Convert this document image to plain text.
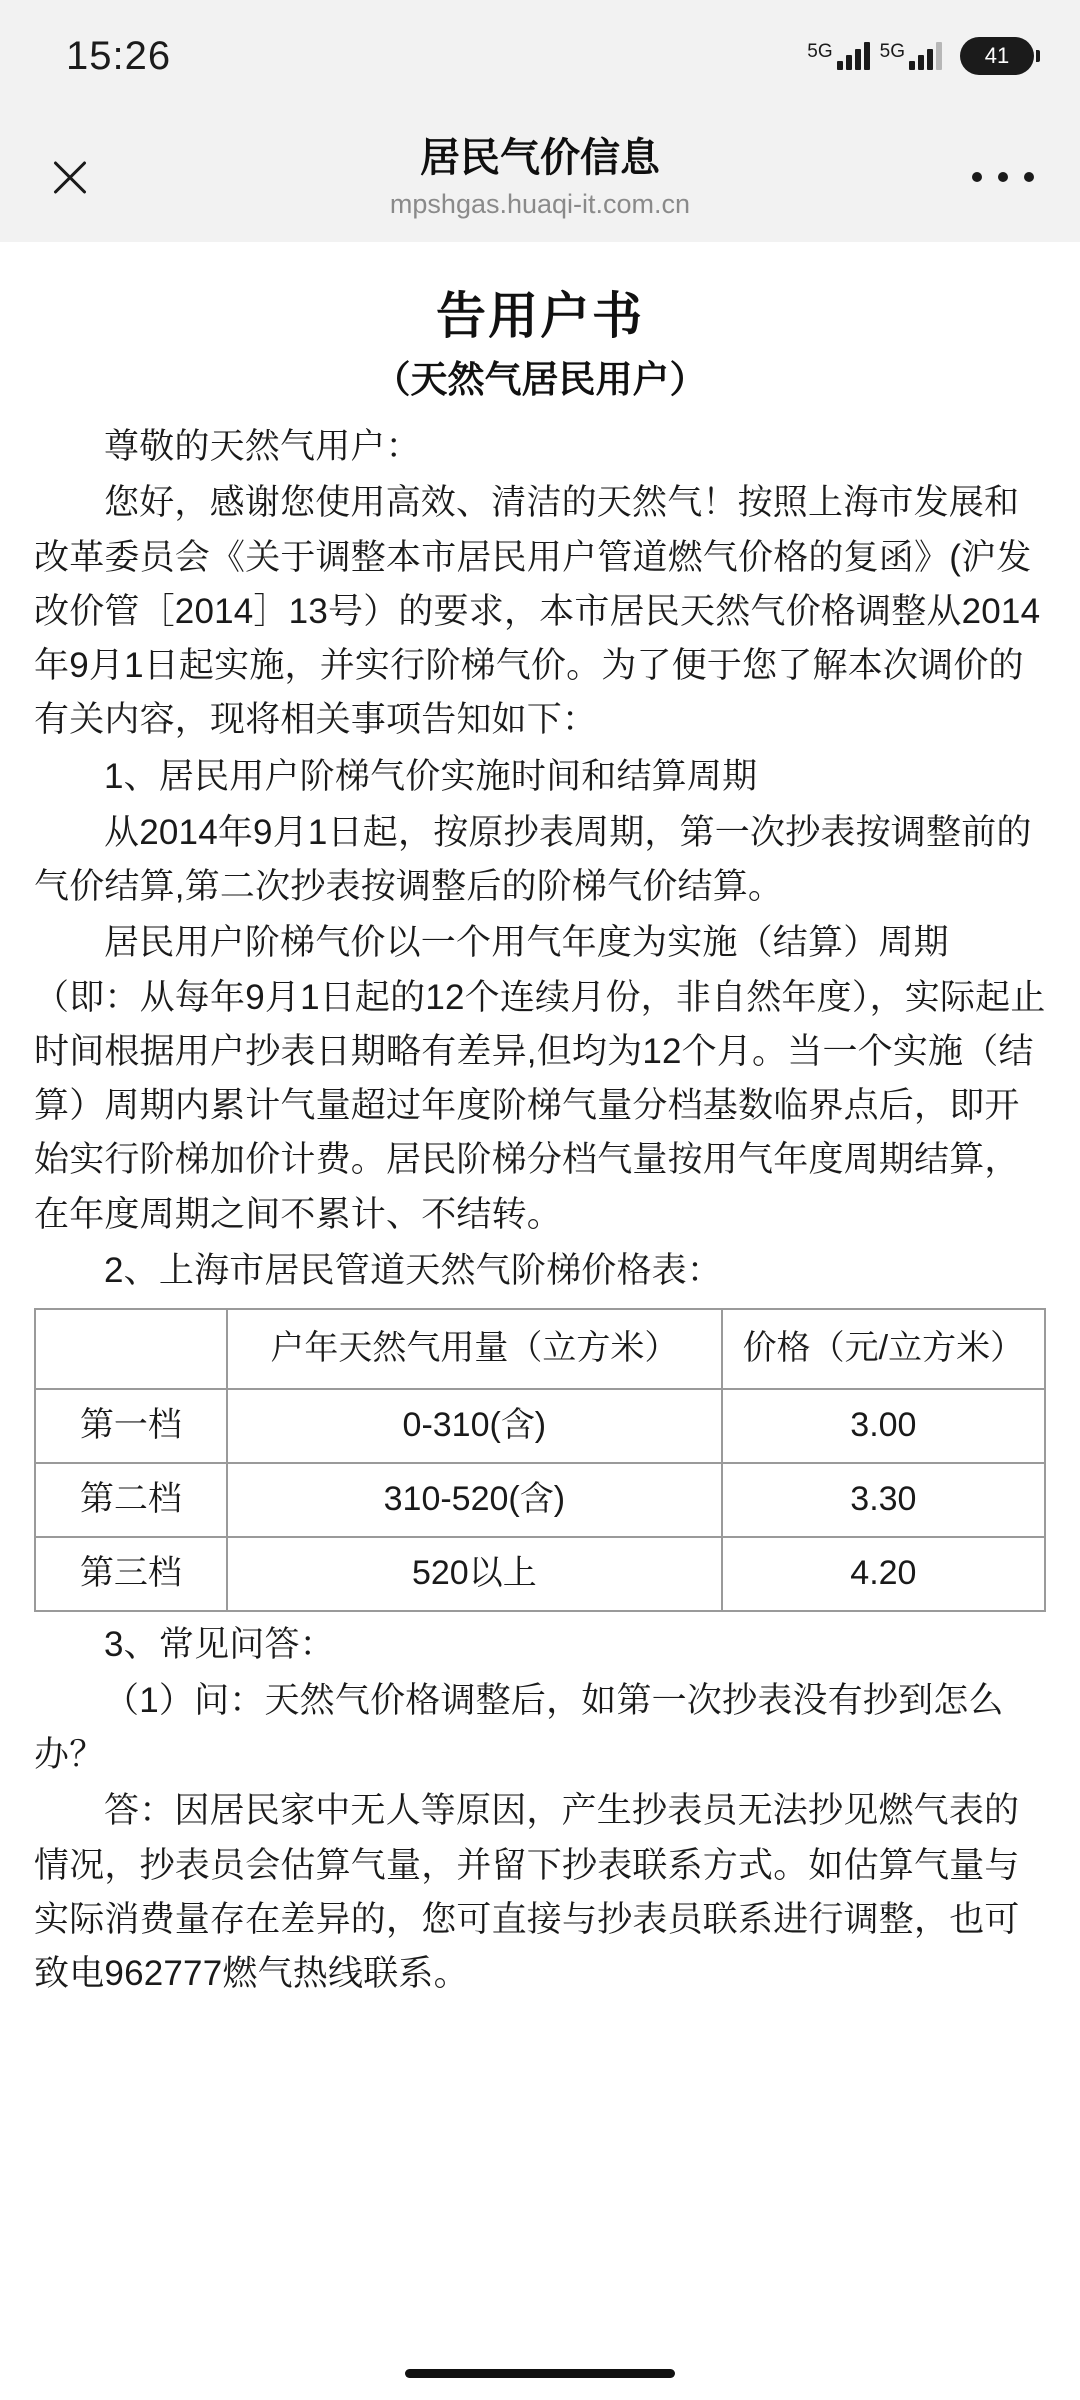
15:26	5G 5G	41
居民气价信息
mpshgas.huaqi-it.com.cn
告用户书
（天然气居民用户）

尊敬的天然气用户：

您好，感谢您使用高效、清洁的天然气！按照上海市发展和改革委员会《关于调整本市居民用户管道燃气价格的复函》(沪发改价管［2014］13号）的要求，本市居民天然气价格调整从2014年9月1日起实施，并实行阶梯气价。为了便于您了解本次调价的有关内容，现将相关事项告知如下：

1、居民用户阶梯气价实施时间和结算周期

从2014年9月1日起，按原抄表周期，第一次抄表按调整前的气价结算,第二次抄表按调整后的阶梯气价结算。

居民用户阶梯气价以一个用气年度为实施（结算）周期（即：从每年9月1日起的12个连续月份，非自然年度），实际起止时间根据用户抄表日期略有差异,但均为12个月。当一个实施（结算）周期内累计气量超过年度阶梯气量分档基数临界点后，即开始实行阶梯加价计费。居民阶梯分档气量按用气年度周期结算，在年度周期之间不累计、不结转。

2、上海市居民管道天然气阶梯价格表：

	户年天然气用量（立方米）	价格（元/立方米）
第一档	0-310(含)	3.00
第二档	310-520(含)	3.30
第三档	520以上	4.20

3、常见问答：

（1）问：天然气价格调整后，如第一次抄表没有抄到怎么办？

答：因居民家中无人等原因，产生抄表员无法抄见燃气表的情况，抄表员会估算气量，并留下抄表联系方式。如估算气量与实际消费量存在差异的，您可直接与抄表员联系进行调整，也可致电962777燃气热线联系。
